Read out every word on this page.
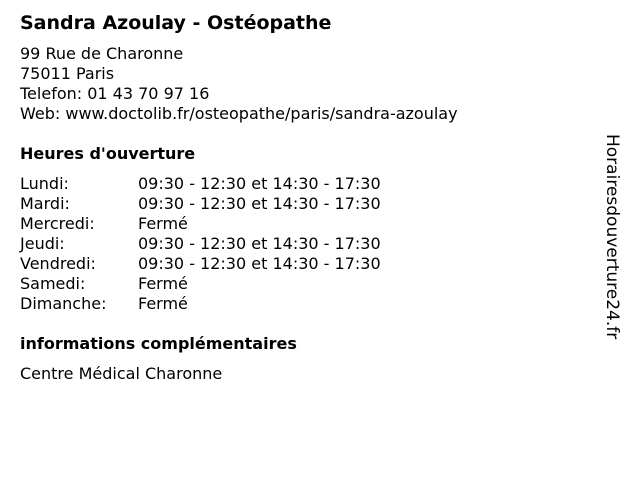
Sandra Azoulay - Ostéopathe
99 Rue de Charonne
75011 Paris
Telefon: 01 43 70 97 16
Web: www.doctolib.fr/osteopathe/paris/sandra-azoulay
Heures d'ouverture
Lundi:	09:30 - 12:30 et 14:30 - 17:30
Mardi:	09:30 - 12:30 et 14:30 - 17:30
Mercredi:	Fermé
Jeudi:	09:30 - 12:30 et 14:30 - 17:30
Vendredi:	09:30 - 12:30 et 14:30 - 17:30
Samedi:	Fermé
Dimanche:	Fermé
informations complémentaires
Centre Médical Charonne
Horairesdouverture24.fr
